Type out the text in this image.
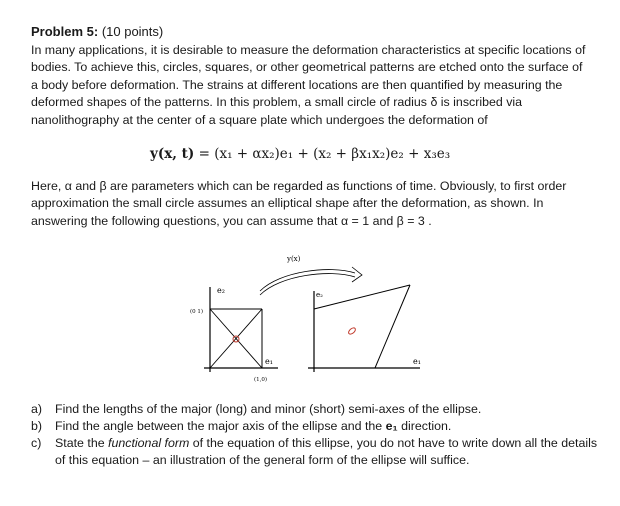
Problem 5: (10 points)

In many applications, it is desirable to measure the deformation characteristics at specific locations of bodies. To achieve this, circles, squares, or other geometrical patterns are etched onto the surface of a body before deformation. The strains at different locations are then quantified by measuring the deformed shapes of the patterns. In this problem, a small circle of radius δ is inscribed via nanolithography at the center of a square plate which undergoes the deformation of

y(x, t) = (x₁ + αx₂)e₁ + (x₂ + βx₁x₂)e₂ + x₃e₃

Here, α and β are parameters which can be regarded as functions of time. Obviously, to first order approximation the small circle assumes an elliptical shape after the deformation, as shown. In answering the following questions, you can assume that α = 1 and β = 3 .

e₂
(0 1)
e₁
(1,0)
y(x)
e₂
e₁
a) Find the lengths of the major (long) and minor (short) semi-axes of the ellipse.
b) Find the angle between the major axis of the ellipse and the e₁ direction.
c) State the functional form of the equation of this ellipse, you do not have to write down all the details of this equation – an illustration of the general form of the ellipse will suffice.
